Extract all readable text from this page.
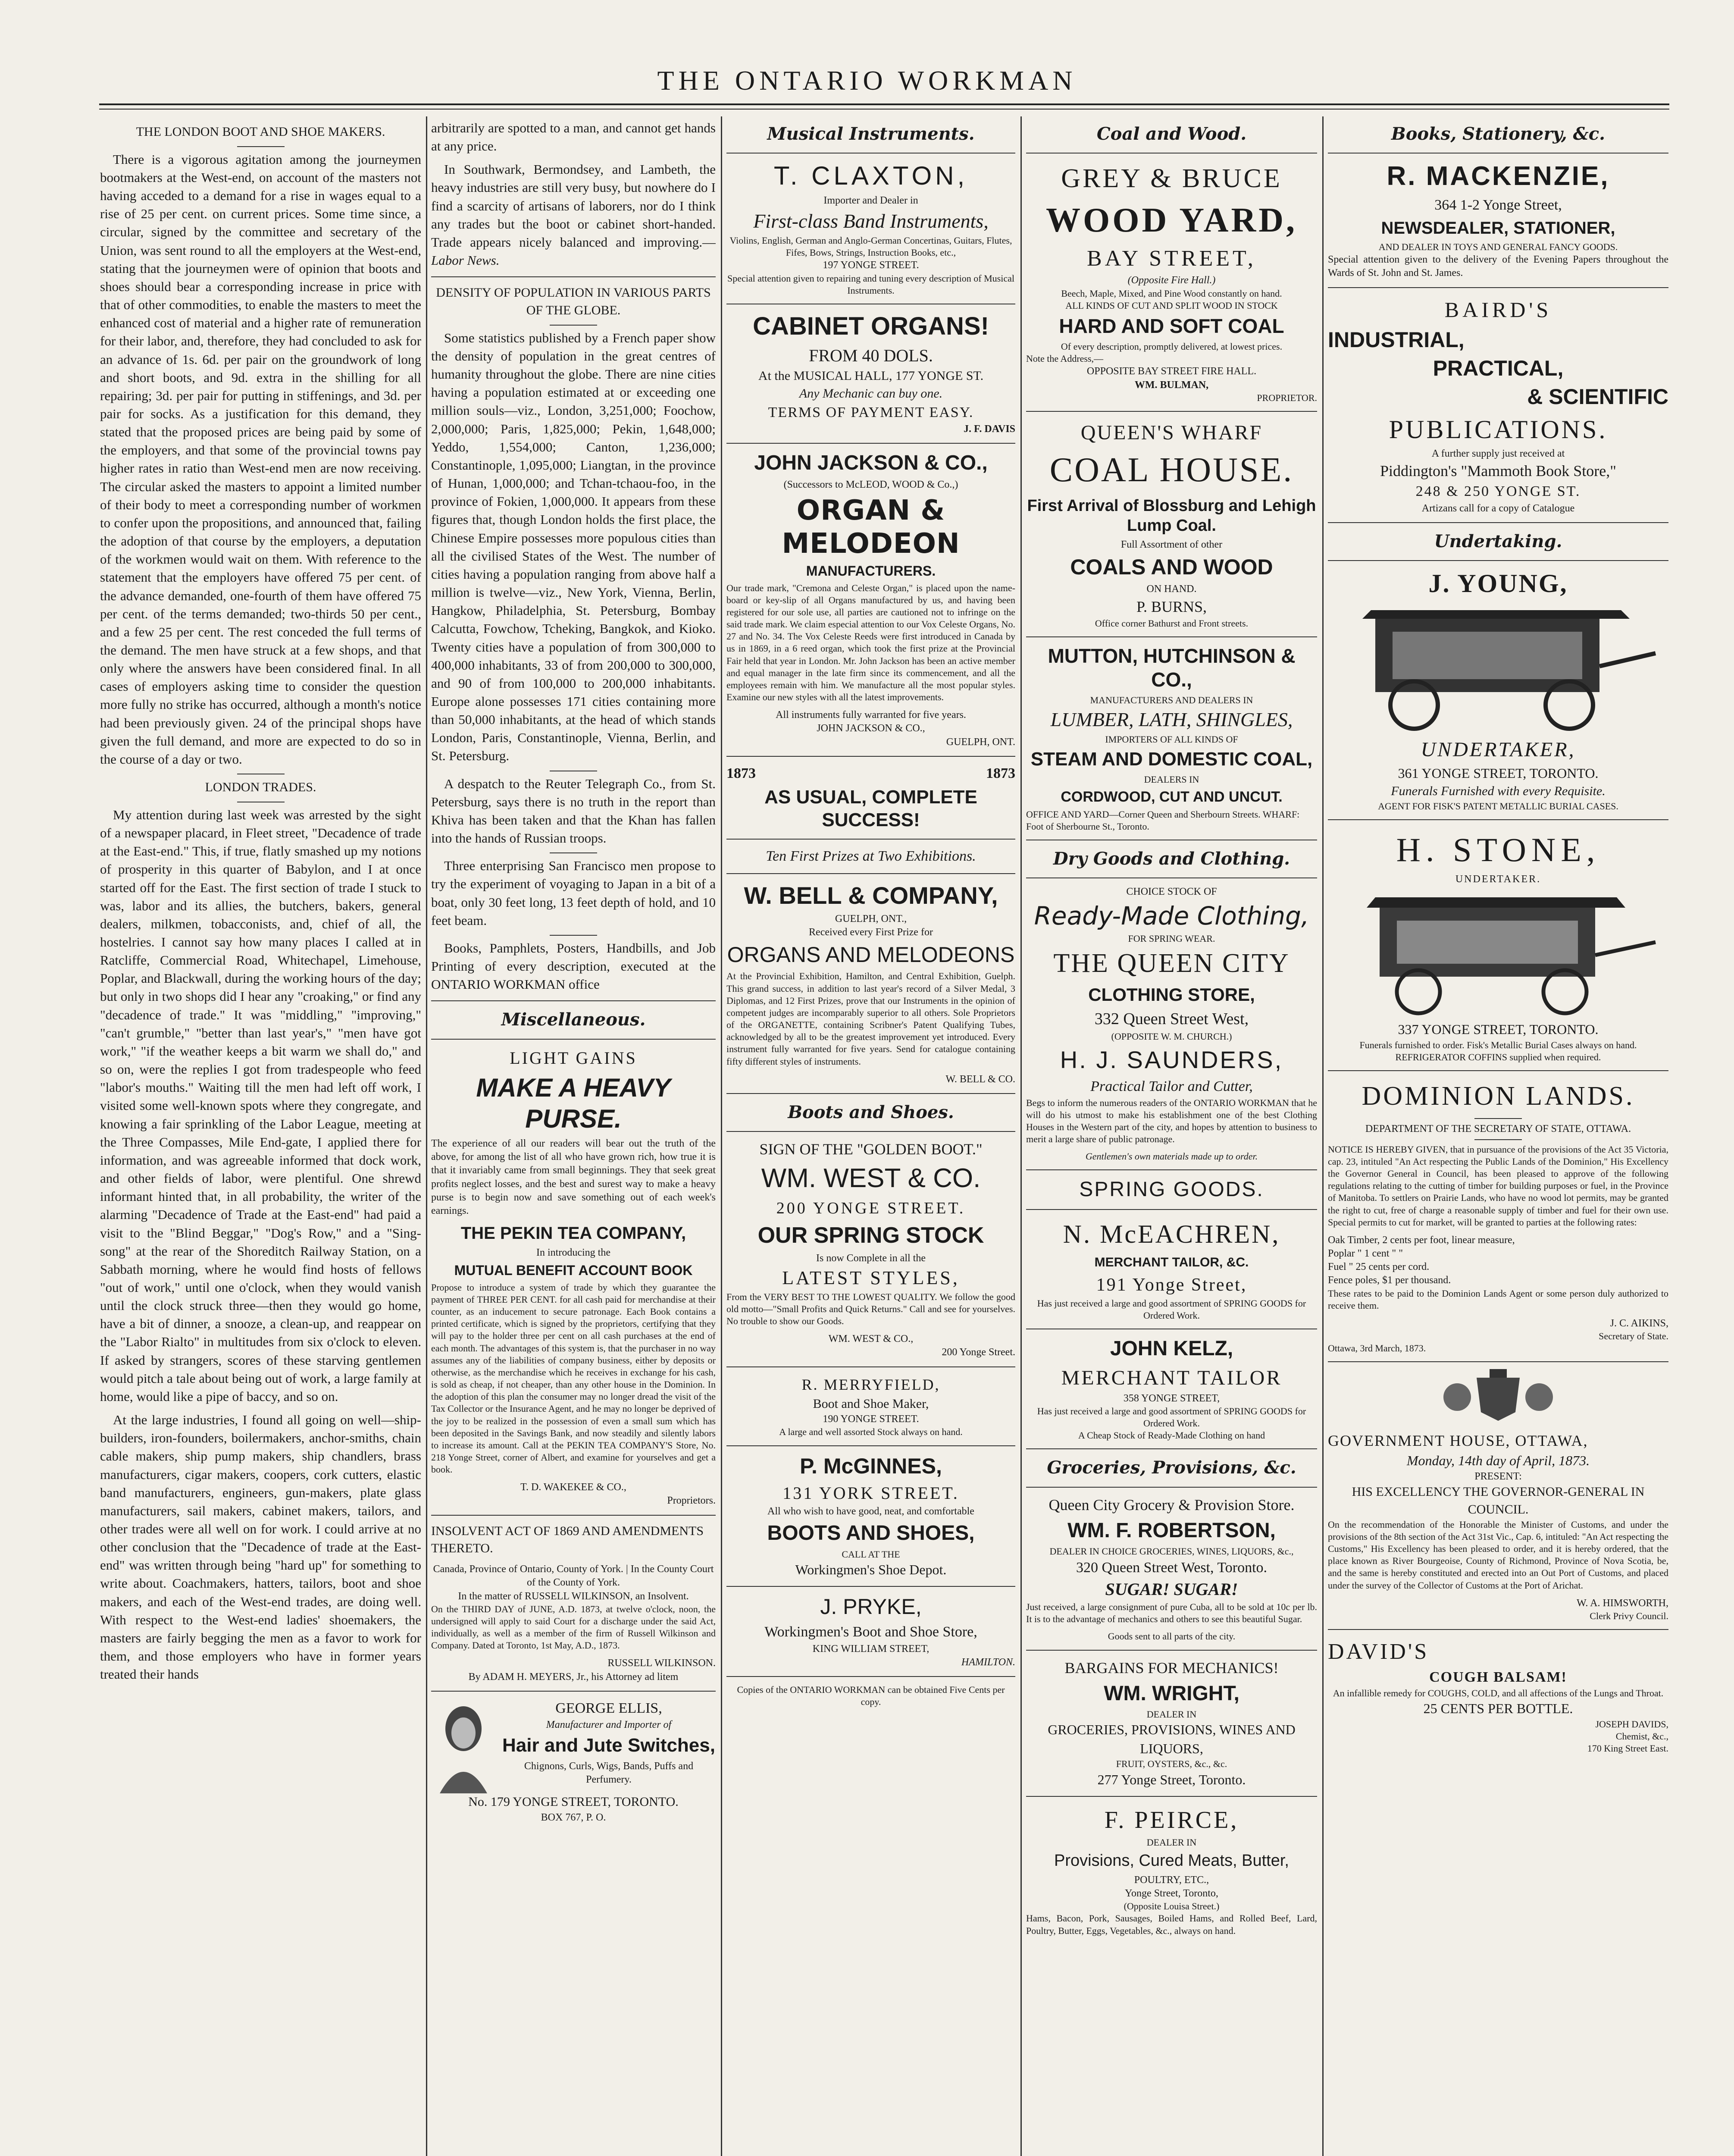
THE ONTARIO WORKMAN
THE LONDON BOOT AND SHOE MAKERS.

There is a vigorous agitation among the journeymen bootmakers at the West-end, on account of the masters not having acceded to a demand for a rise in wages equal to a rise of 25 per cent. on current prices. Some time since, a circular, signed by the committee and secretary of the Union, was sent round to all the employers at the West-end, stating that the journeymen were of opinion that boots and shoes should bear a corresponding increase in price with that of other commodities, to enable the masters to meet the enhanced cost of material and a higher rate of remuneration for their labor, and, therefore, they had concluded to ask for an advance of 1s. 6d. per pair on the groundwork of long and short boots, and 9d. extra in the shilling for all repairing; 3d. per pair for putting in stiffenings, and 3d. per pair for socks. As a justification for this demand, they stated that the proposed prices are being paid by some of the employers, and that some of the provincial towns pay higher rates in ratio than West-end men are now receiving. The circular asked the masters to appoint a limited number of their body to meet a corresponding number of workmen to confer upon the propositions, and announced that, failing the adoption of that course by the employers, a deputation of the workmen would wait on them. With reference to the statement that the employers have offered 75 per cent. of the advance demanded, one-fourth of them have offered 75 per cent. of the terms demanded; two-thirds 50 per cent., and a few 25 per cent. The rest conceded the full terms of the demand. The men have struck at a few shops, and that only where the answers have been considered final. In all cases of employers asking time to consider the question more fully no strike has occurred, although a month's notice had been previously given. 24 of the principal shops have given the full demand, and more are expected to do so in the course of a day or two.

LONDON TRADES.

My attention during last week was arrested by the sight of a newspaper placard, in Fleet street, "Decadence of trade at the East-end." This, if true, flatly smashed up my notions of prosperity in this quarter of Babylon, and I at once started off for the East. The first section of trade I stuck to was, labor and its allies, the butchers, bakers, general dealers, milkmen, tobacconists, and, chief of all, the hostelries. I cannot say how many places I called at in Ratcliffe, Commercial Road, Whitechapel, Limehouse, Poplar, and Blackwall, during the working hours of the day; but only in two shops did I hear any "croaking," or find any "decadence of trade." It was "middling," "improving," "can't grumble," "better than last year's," "men have got work," "if the weather keeps a bit warm we shall do," and so on, were the replies I got from tradespeople who feed "labor's mouths." Waiting till the men had left off work, I visited some well-known spots where they congregate, and knowing a fair sprinkling of the Labor League, meeting at the Three Compasses, Mile End-gate, I applied there for information, and was agreeable informed that dock work, and other fields of labor, were plentiful. One shrewd informant hinted that, in all probability, the writer of the alarming "Decadence of Trade at the East-end" had paid a visit to the "Blind Beggar," "Dog's Row," and a "Sing-song" at the rear of the Shoreditch Railway Station, on a Sabbath morning, where he would find hosts of fellows "out of work," until one o'clock, when they would vanish until the clock struck three—then they would go home, have a bit of dinner, a snooze, a clean-up, and reappear on the "Labor Rialto" in multitudes from six o'clock to eleven. If asked by strangers, scores of these starving gentlemen would pitch a tale about being out of work, a large family at home, would like a pipe of baccy, and so on.

At the large industries, I found all going on well—ship-builders, iron-founders, boilermakers, anchor-smiths, chain cable makers, ship pump makers, ship chandlers, brass manufacturers, cigar makers, coopers, cork cutters, elastic band manufacturers, engineers, gun-makers, plate glass manufacturers, sail makers, cabinet makers, tailors, and other trades were all well on for work. I could arrive at no other conclusion that the "Decadence of trade at the East-end" was written through being "hard up" for something to write about. Coachmakers, hatters, tailors, boot and shoe makers, and each of the West-end trades, are doing well. With respect to the West-end ladies' shoemakers, the masters are fairly begging the men as a favor to work for them, and those employers who have in former years treated their hands

arbitrarily are spotted to a man, and cannot get hands at any price.

In Southwark, Bermondsey, and Lambeth, the heavy industries are still very busy, but nowhere do I find a scarcity of artisans of laborers, nor do I think any trades but the boot or cabinet short-handed. Trade appears nicely balanced and improving.—Labor News.

DENSITY OF POPULATION IN VARIOUS PARTS OF THE GLOBE.

Some statistics published by a French paper show the density of population in the great centres of humanity throughout the globe. There are nine cities having a population estimated at or exceeding one million souls—viz., London, 3,251,000; Foochow, 2,000,000; Paris, 1,825,000; Pekin, 1,648,000; Yeddo, 1,554,000; Canton, 1,236,000; Constantinople, 1,095,000; Liangtan, in the province of Hunan, 1,000,000; and Tchan-tchaou-foo, in the province of Fokien, 1,000,000. It appears from these figures that, though London holds the first place, the Chinese Empire possesses more populous cities than all the civilised States of the West. The number of cities having a population ranging from above half a million is twelve—viz., New York, Vienna, Berlin, Hangkow, Philadelphia, St. Petersburg, Bombay Calcutta, Fowchow, Tcheking, Bangkok, and Kioko. Twenty cities have a population of from 300,000 to 400,000 inhabitants, 33 of from 200,000 to 300,000, and 90 of from 100,000 to 200,000 inhabitants. Europe alone possesses 171 cities containing more than 50,000 inhabitants, at the head of which stands London, Paris, Constantinople, Vienna, Berlin, and St. Petersburg.

A despatch to the Reuter Telegraph Co., from St. Petersburg, says there is no truth in the report than Khiva has been taken and that the Khan has fallen into the hands of Russian troops.

Three enterprising San Francisco men propose to try the experiment of voyaging to Japan in a bit of a boat, only 30 feet long, 13 feet depth of hold, and 10 feet beam.

Books, Pamphlets, Posters, Handbills, and Job Printing of every description, executed at the ONTARIO WORKMAN office

Miscellaneous.
LIGHT GAINS
MAKE A HEAVY PURSE.

The experience of all our readers will bear out the truth of the above, for among the list of all who have grown rich, how true it is that it invariably came from small beginnings. They that seek great profits neglect losses, and the best and surest way to make a heavy purse is to begin now and save something out of each week's earnings.

THE PEKIN TEA COMPANY,
In introducing the
MUTUAL BENEFIT ACCOUNT BOOK

Propose to introduce a system of trade by which they guarantee the payment of THREE PER CENT. for all cash paid for merchandise at their counter, as an inducement to secure patronage. Each Book contains a printed certificate, which is signed by the proprietors, certifying that they will pay to the holder three per cent on all cash purchases at the end of each month. The advantages of this system is, that the purchaser in no way assumes any of the liabilities of company business, either by deposits or otherwise, as the merchandise which he receives in exchange for his cash, is sold as cheap, if not cheaper, than any other house in the Dominion. In the adoption of this plan the consumer may no longer dread the visit of the Tax Collector or the Insurance Agent, and he may no longer be deprived of the joy to be realized in the possession of even a small sum which has been deposited in the Savings Bank, and now steadily and silently labors to increase its amount. Call at the PEKIN TEA COMPANY'S Store, No. 218 Yonge Street, corner of Albert, and examine for yourselves and get a book.

T. D. WAKEKEE & CO.,
Proprietors.
INSOLVENT ACT OF 1869 AND AMENDMENTS THERETO.
Canada, Province of Ontario, County of York. | In the County Court of the County of York.
In the matter of RUSSELL WILKINSON, an Insolvent.

On the THIRD DAY of JUNE, A.D. 1873, at twelve o'clock, noon, the undersigned will apply to said Court for a discharge under the said Act, individually, as well as a member of the firm of Russell Wilkinson and Company. Dated at Toronto, 1st May, A.D., 1873.

RUSSELL WILKINSON.
By ADAM H. MEYERS, Jr., his Attorney ad litem
GEORGE ELLIS,
Manufacturer and Importer of
Hair and Jute Switches,
Chignons, Curls, Wigs, Bands, Puffs and Perfumery.
No. 179 YONGE STREET, TORONTO.
BOX 767, P. O.
Musical Instruments.
T. CLAXTON,
Importer and Dealer in
First-class Band Instruments,
Violins, English, German and Anglo-German Concertinas, Guitars, Flutes, Fifes, Bows, Strings, Instruction Books, etc.,
197 YONGE STREET.
Special attention given to repairing and tuning every description of Musical Instruments.
CABINET ORGANS!
FROM 40 DOLS.
At the MUSICAL HALL, 177 YONGE ST.
Any Mechanic can buy one.
TERMS OF PAYMENT EASY.
J. F. DAVIS
JOHN JACKSON & CO.,
(Successors to McLEOD, WOOD & Co.,)
ORGAN & MELODEON
MANUFACTURERS.

Our trade mark, "Cremona and Celeste Organ," is placed upon the name-board or key-slip of all Organs manufactured by us, and having been registered for our sole use, all parties are cautioned not to infringe on the said trade mark. We claim especial attention to our Vox Celeste Organs, No. 27 and No. 34. The Vox Celeste Reeds were first introduced in Canada by us in 1869, in a 6 reed organ, which took the first prize at the Provincial Fair held that year in London. Mr. John Jackson has been an active member and equal manager in the late firm since its commencement, and all the employees remain with him. We manufacture all the most popular styles. Examine our new styles with all the latest improvements.

All instruments fully warranted for five years.
JOHN JACKSON & CO.,
GUELPH, ONT.
1873	1873
AS USUAL, COMPLETE SUCCESS!
Ten First Prizes at Two Exhibitions.
W. BELL & COMPANY,
GUELPH, ONT.,
Received every First Prize for
ORGANS AND MELODEONS

At the Provincial Exhibition, Hamilton, and Central Exhibition, Guelph. This grand success, in addition to last year's record of a Silver Medal, 3 Diplomas, and 12 First Prizes, prove that our Instruments in the opinion of competent judges are incomparably superior to all others. Sole Proprietors of the ORGANETTE, containing Scribner's Patent Qualifying Tubes, acknowledged by all to be the greatest improvement yet introduced. Every instrument fully warranted for five years. Send for catalogue containing fifty different styles of instruments.

W. BELL & CO.
Boots and Shoes.
SIGN OF THE "GOLDEN BOOT."
WM. WEST & CO.
200 YONGE STREET.
OUR SPRING STOCK
Is now Complete in all the
LATEST STYLES,

From the VERY BEST TO THE LOWEST QUALITY. We follow the good old motto—"Small Profits and Quick Returns." Call and see for yourselves. No trouble to show our Goods.

WM. WEST & CO.,
200 Yonge Street.
R. MERRYFIELD,
Boot and Shoe Maker,
190 YONGE STREET.
A large and well assorted Stock always on hand.
P. McGINNES,
131 YORK STREET.
All who wish to have good, neat, and comfortable
BOOTS AND SHOES,
CALL AT THE
Workingmen's Shoe Depot.
J. PRYKE,
Workingmen's Boot and Shoe Store,
KING WILLIAM STREET,
HAMILTON.
Copies of the ONTARIO WORKMAN can be obtained Five Cents per copy.
Coal and Wood.
GREY & BRUCE
WOOD YARD,
BAY STREET,
(Opposite Fire Hall.)
Beech, Maple, Mixed, and Pine Wood constantly on hand.
ALL KINDS OF CUT AND SPLIT WOOD IN STOCK
HARD AND SOFT COAL
Of every description, promptly delivered, at lowest prices.
Note the Address,—
OPPOSITE BAY STREET FIRE HALL.
WM. BULMAN,
PROPRIETOR.
QUEEN'S WHARF
COAL HOUSE.
First Arrival of Blossburg and Lehigh Lump Coal.
Full Assortment of other
COALS AND WOOD
ON HAND.
P. BURNS,
Office corner Bathurst and Front streets.
MUTTON, HUTCHINSON & CO.,
MANUFACTURERS AND DEALERS IN
LUMBER, LATH, SHINGLES,
IMPORTERS OF ALL KINDS OF
STEAM AND DOMESTIC COAL,
DEALERS IN
CORDWOOD, CUT AND UNCUT.
OFFICE AND YARD—Corner Queen and Sherbourn Streets. WHARF: Foot of Sherbourne St., Toronto.
Dry Goods and Clothing.
CHOICE STOCK OF
Ready-Made Clothing,
FOR SPRING WEAR.
THE QUEEN CITY
CLOTHING STORE,
332 Queen Street West,
(OPPOSITE W. M. CHURCH.)
H. J. SAUNDERS,
Practical Tailor and Cutter,

Begs to inform the numerous readers of the ONTARIO WORKMAN that he will do his utmost to make his establishment one of the best Clothing Houses in the Western part of the city, and hopes by attention to business to merit a large share of public patronage.

Gentlemen's own materials made up to order.
SPRING GOODS.
N. McEACHREN,
MERCHANT TAILOR, &C.
191 Yonge Street,
Has just received a large and good assortment of SPRING GOODS for Ordered Work.
JOHN KELZ,
MERCHANT TAILOR
358 YONGE STREET,
Has just received a large and good assortment of SPRING GOODS for Ordered Work.
A Cheap Stock of Ready-Made Clothing on hand
Groceries, Provisions, &c.
Queen City Grocery & Provision Store.
WM. F. ROBERTSON,
DEALER IN CHOICE GROCERIES, WINES, LIQUORS, &c.,
320 Queen Street West, Toronto.
SUGAR! SUGAR!

Just received, a large consignment of pure Cuba, all to be sold at 10c per lb. It is to the advantage of mechanics and others to see this beautiful Sugar.

Goods sent to all parts of the city.
BARGAINS FOR MECHANICS!
WM. WRIGHT,
DEALER IN
GROCERIES, PROVISIONS, WINES AND LIQUORS,
FRUIT, OYSTERS, &c., &c.
277 Yonge Street, Toronto.
F. PEIRCE,
DEALER IN
Provisions, Cured Meats, Butter,
POULTRY, ETC.,
Yonge Street, Toronto,
(Opposite Louisa Street.)

Hams, Bacon, Pork, Sausages, Boiled Hams, and Rolled Beef, Lard, Poultry, Butter, Eggs, Vegetables, &c., always on hand.

Books, Stationery, &c.
R. MACKENZIE,
364 1-2 Yonge Street,
NEWSDEALER, STATIONER,
AND DEALER IN TOYS AND GENERAL FANCY GOODS.

Special attention given to the delivery of the Evening Papers throughout the Wards of St. John and St. James.

BAIRD'S
INDUSTRIAL,
PRACTICAL,
& SCIENTIFIC
PUBLICATIONS.
A further supply just received at
Piddington's "Mammoth Book Store,"
248 & 250 YONGE ST.
Artizans call for a copy of Catalogue
Undertaking.
J. YOUNG,
UNDERTAKER,
361 YONGE STREET, TORONTO.
Funerals Furnished with every Requisite.
AGENT FOR FISK'S PATENT METALLIC BURIAL CASES.
H. STONE,
UNDERTAKER.
337 YONGE STREET, TORONTO.
Funerals furnished to order. Fisk's Metallic Burial Cases always on hand. REFRIGERATOR COFFINS supplied when required.
DOMINION LANDS.
DEPARTMENT OF THE SECRETARY OF STATE, OTTAWA.

NOTICE IS HEREBY GIVEN, that in pursuance of the provisions of the Act 35 Victoria, cap. 23, intituled "An Act respecting the Public Lands of the Dominion," His Excellency the Governor General in Council, has been pleased to approve of the following regulations relating to the cutting of timber for building purposes or fuel, in the Province of Manitoba. To settlers on Prairie Lands, who have no wood lot permits, may be granted the right to cut, free of charge a reasonable supply of timber and fuel for their own use. Special permits to cut for market, will be granted to parties at the following rates:

Oak Timber, 2 cents per foot, linear measure,
Poplar " 1 cent " "
Fuel " 25 cents per cord.
Fence poles, $1 per thousand.

These rates to be paid to the Dominion Lands Agent or some person duly authorized to receive them.

J. C. AIKINS,
Secretary of State.
Ottawa, 3rd March, 1873.
GOVERNMENT HOUSE, OTTAWA,
Monday, 14th day of April, 1873.
PRESENT:
HIS EXCELLENCY THE GOVERNOR-GENERAL IN COUNCIL.

On the recommendation of the Honorable the Minister of Customs, and under the provisions of the 8th section of the Act 31st Vic., Cap. 6, intituled: "An Act respecting the Customs," His Excellency has been pleased to order, and it is hereby ordered, that the place known as River Bourgeoise, County of Richmond, Province of Nova Scotia, be, and the same is hereby constituted and erected into an Out Port of Customs, and placed under the survey of the Collector of Customs at the Port of Arichat.

W. A. HIMSWORTH,
Clerk Privy Council.
DAVID'S
COUGH BALSAM!
An infallible remedy for COUGHS, COLD, and all affections of the Lungs and Throat.
25 CENTS PER BOTTLE.
JOSEPH DAVIDS,
Chemist, &c.,
170 King Street East.
